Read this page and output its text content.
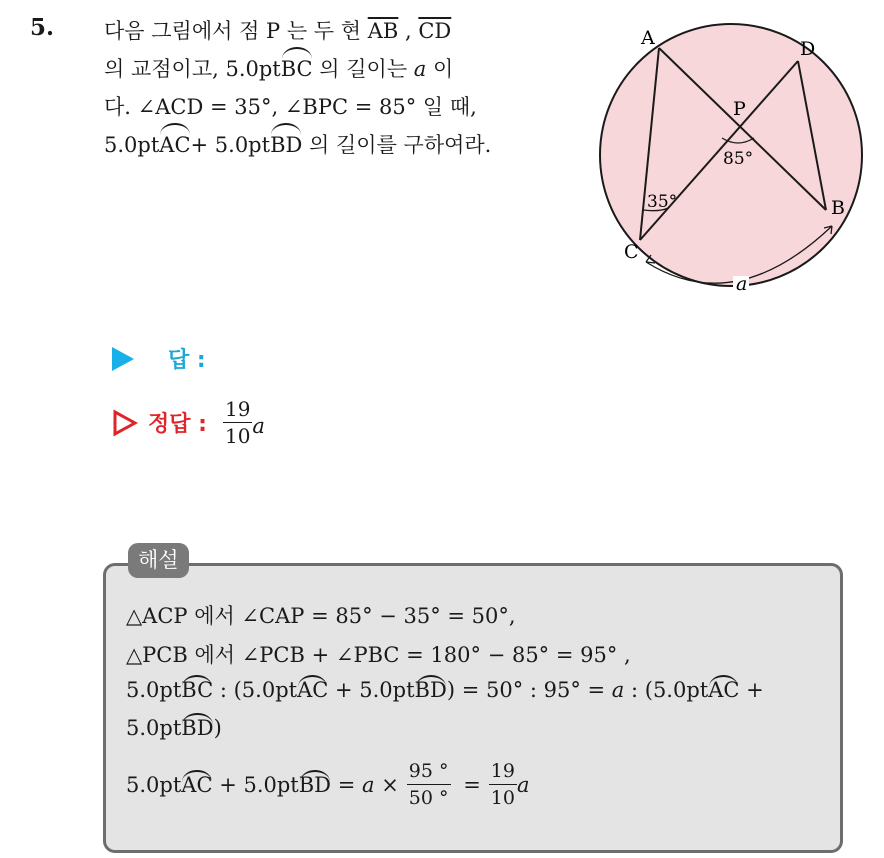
5. 다음 그림에서 점 P 는 두 현 $\overline{AB}$ , $\overline{CD}$
의 교점이고, 5.0ptBC 의 길이는 a 이
다. ∠ACD = 35°, ∠BPC = 85° 일 때,
5.0ptAC+ 5.0ptBD 의 길이를 구하여라.
A	D
P
B
C
35°
85°
a
답 :
정답 : $\frac{19}{10}$ a
해설
△ACP 에서 ∠CAP = 85° − 35° = 50°,
△PCB 에서 ∠PCB + ∠PBC = 180° − 85° = 95° ,
5.0ptBC : (5.0ptAC + 5.0ptBD) = 50° : 95° = a : (5.0ptAC +
5.0ptBD)
5.0pt AC + 5.0pt BD = $a \times \frac{95 ^\circ}{50 ^\circ} = \frac{19}{10}$ a
